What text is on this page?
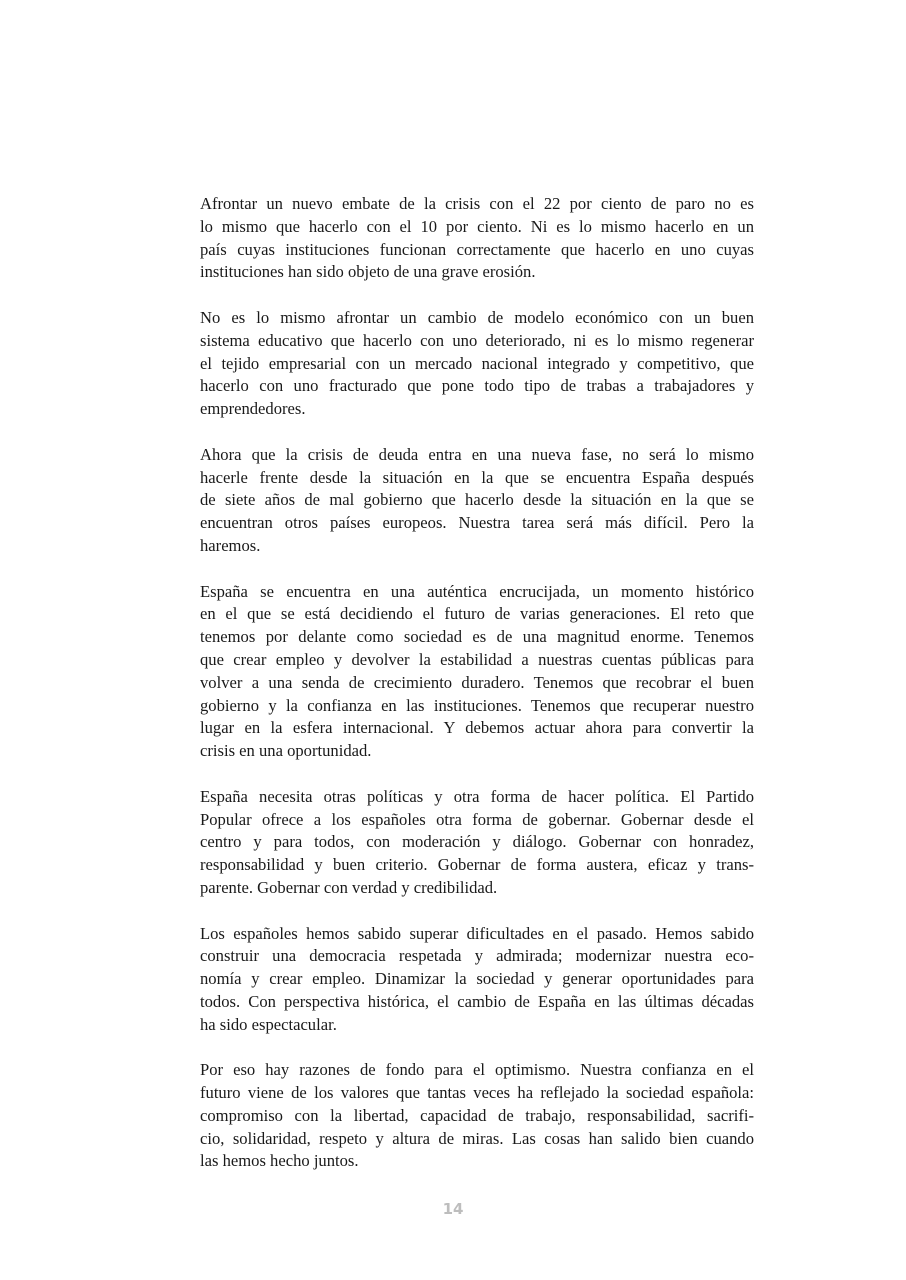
Afrontar un nuevo embate de la crisis con el 22 por ciento de paro no es
lo mismo que hacerlo con el 10 por ciento. Ni es lo mismo hacerlo en un
país cuyas instituciones funcionan correctamente que hacerlo en uno cuyas
instituciones han sido objeto de una grave erosión.
No es lo mismo afrontar un cambio de modelo económico con un buen
sistema educativo que hacerlo con uno deteriorado, ni es lo mismo regenerar
el tejido empresarial con un mercado nacional integrado y competitivo, que
hacerlo con uno fracturado que pone todo tipo de trabas a trabajadores y
emprendedores.
Ahora que la crisis de deuda entra en una nueva fase, no será lo mismo
hacerle frente desde la situación en la que se encuentra España después
de siete años de mal gobierno que hacerlo desde la situación en la que se
encuentran otros países europeos. Nuestra tarea será más difícil. Pero la
haremos.
España se encuentra en una auténtica encrucijada, un momento histórico
en el que se está decidiendo el futuro de varias generaciones. El reto que
tenemos por delante como sociedad es de una magnitud enorme. Tenemos
que crear empleo y devolver la estabilidad a nuestras cuentas públicas para
volver a una senda de crecimiento duradero. Tenemos que recobrar el buen
gobierno y la confianza en las instituciones. Tenemos que recuperar nuestro
lugar en la esfera internacional. Y debemos actuar ahora para convertir la
crisis en una oportunidad.
España necesita otras políticas y otra forma de hacer política. El Partido
Popular ofrece a los españoles otra forma de gobernar. Gobernar desde el
centro y para todos, con moderación y diálogo. Gobernar con honradez,
responsabilidad y buen criterio. Gobernar de forma austera, eficaz y trans-
parente. Gobernar con verdad y credibilidad.
Los españoles hemos sabido superar dificultades en el pasado. Hemos sabido
construir una democracia respetada y admirada; modernizar nuestra eco-
nomía y crear empleo. Dinamizar la sociedad y generar oportunidades para
todos. Con perspectiva histórica, el cambio de España en las últimas décadas
ha sido espectacular.
Por eso hay razones de fondo para el optimismo. Nuestra confianza en el
futuro viene de los valores que tantas veces ha reflejado la sociedad española:
compromiso con la libertad, capacidad de trabajo, responsabilidad, sacrifi-
cio, solidaridad, respeto y altura de miras. Las cosas han salido bien cuando
las hemos hecho juntos.
14
